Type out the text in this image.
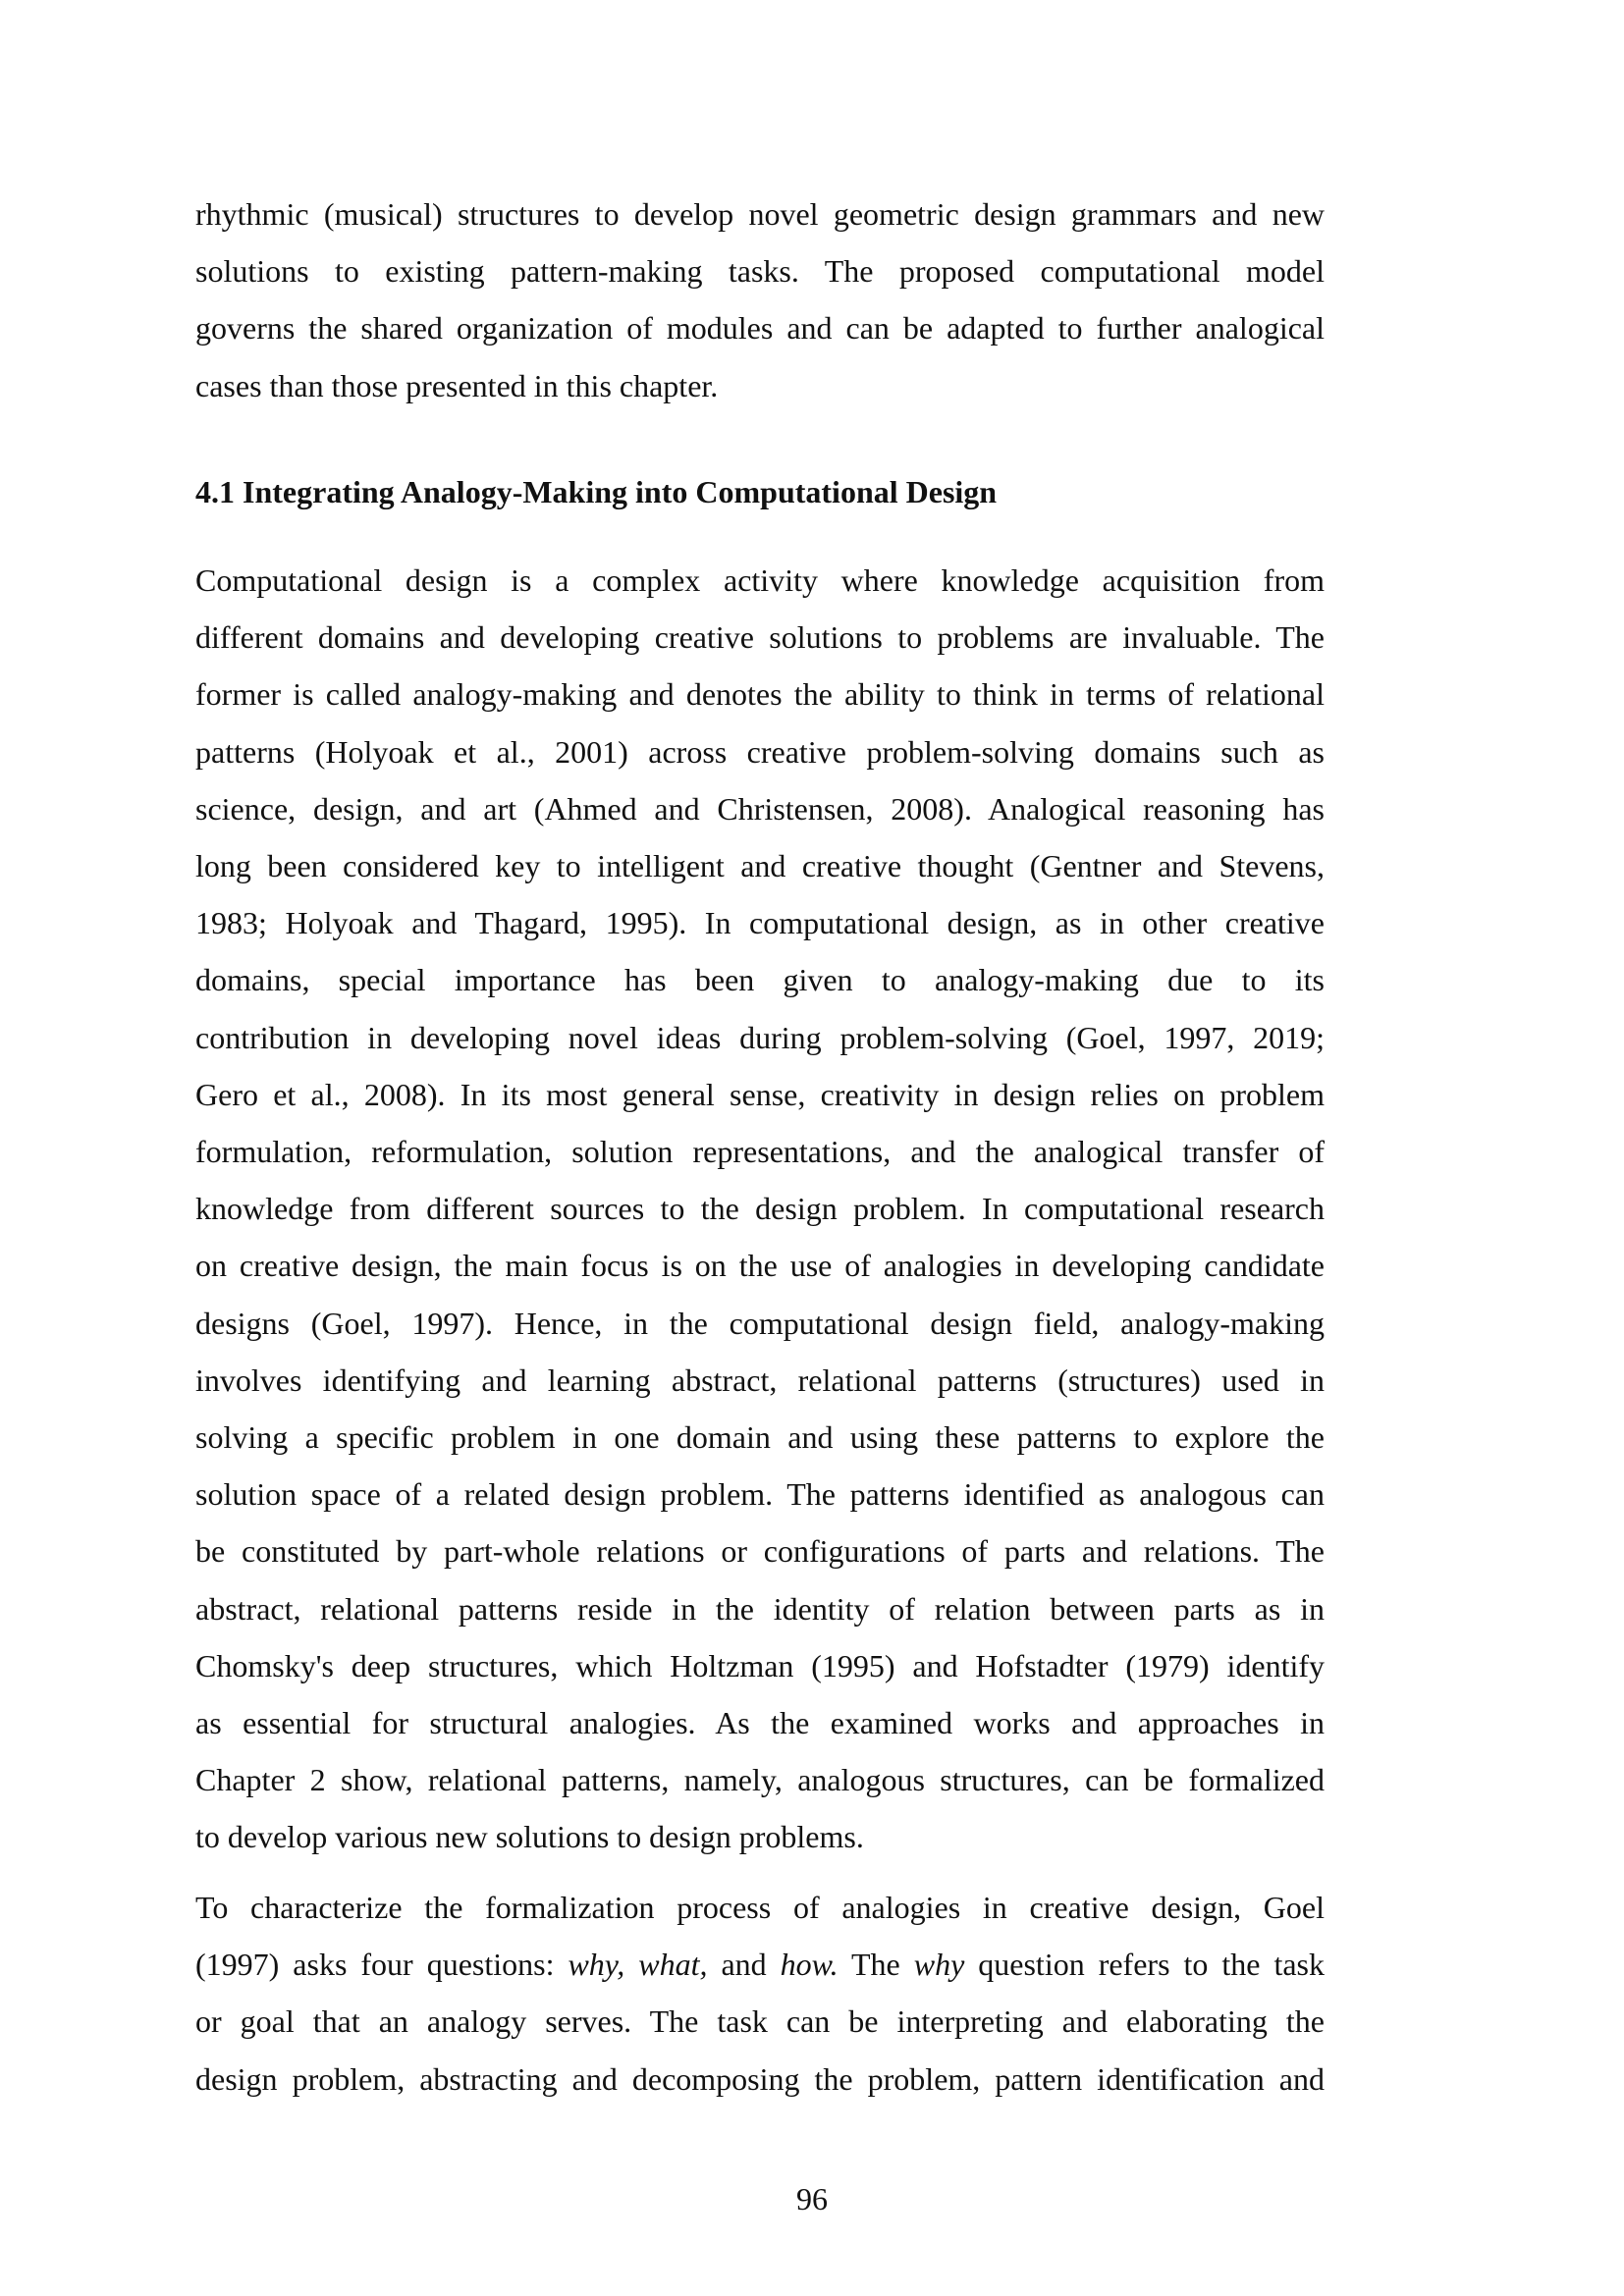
rhythmic (musical) structures to develop novel geometric design grammars and new
solutions to existing pattern-making tasks. The proposed computational model
governs the shared organization of modules and can be adapted to further analogical
cases than those presented in this chapter.
4.1 Integrating Analogy-Making into Computational Design
Computational design is a complex activity where knowledge acquisition from
different domains and developing creative solutions to problems are invaluable. The
former is called analogy-making and denotes the ability to think in terms of relational
patterns (Holyoak et al., 2001) across creative problem-solving domains such as
science, design, and art (Ahmed and Christensen, 2008). Analogical reasoning has
long been considered key to intelligent and creative thought (Gentner and Stevens,
1983; Holyoak and Thagard, 1995). In computational design, as in other creative
domains, special importance has been given to analogy-making due to its
contribution in developing novel ideas during problem-solving (Goel, 1997, 2019;
Gero et al., 2008). In its most general sense, creativity in design relies on problem
formulation, reformulation, solution representations, and the analogical transfer of
knowledge from different sources to the design problem. In computational research
on creative design, the main focus is on the use of analogies in developing candidate
designs (Goel, 1997). Hence, in the computational design field, analogy-making
involves identifying and learning abstract, relational patterns (structures) used in
solving a specific problem in one domain and using these patterns to explore the
solution space of a related design problem. The patterns identified as analogous can
be constituted by part-whole relations or configurations of parts and relations. The
abstract, relational patterns reside in the identity of relation between parts as in
Chomsky's deep structures, which Holtzman (1995) and Hofstadter (1979) identify
as essential for structural analogies. As the examined works and approaches in
Chapter 2 show, relational patterns, namely, analogous structures, can be formalized
to develop various new solutions to design problems.
To characterize the formalization process of analogies in creative design, Goel
(1997) asks four questions: why, what, and how. The why question refers to the task
or goal that an analogy serves. The task can be interpreting and elaborating the
design problem, abstracting and decomposing the problem, pattern identification and
96
